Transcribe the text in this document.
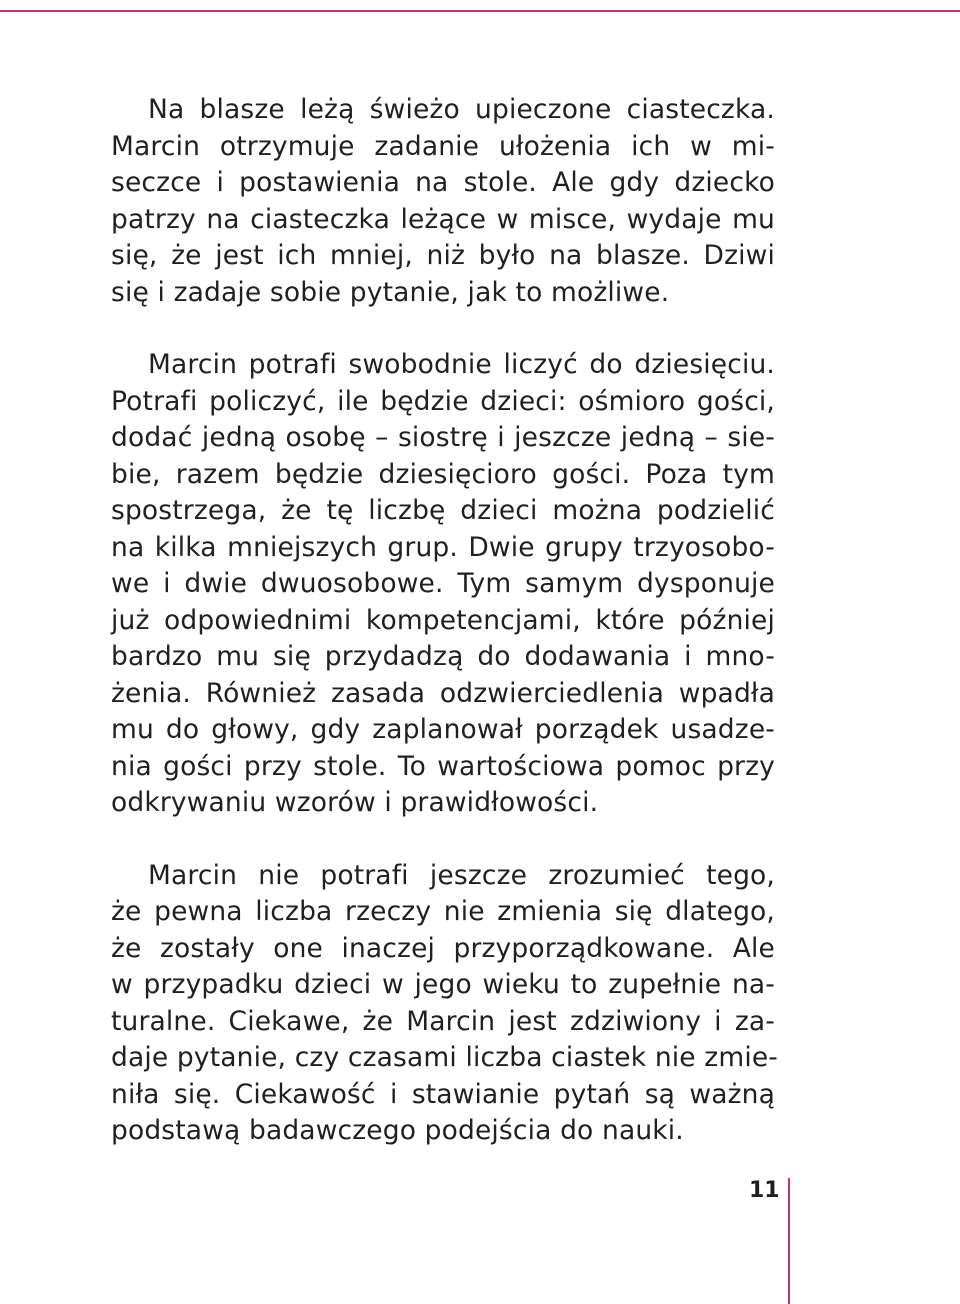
Na blasze leżą świeżo upieczone ciasteczka.
Marcin otrzymuje zadanie ułożenia ich w mi-
seczce i postawienia na stole. Ale gdy dziecko
patrzy na ciasteczka leżące w misce, wydaje mu
się, że jest ich mniej, niż było na blasze. Dziwi
się i zadaje sobie pytanie, jak to możliwe.
Marcin potrafi swobodnie liczyć do dziesięciu.
Potrafi policzyć, ile będzie dzieci: ośmioro gości,
dodać jedną osobę – siostrę i jeszcze jedną – sie-
bie, razem będzie dziesięcioro gości. Poza tym
spostrzega, że tę liczbę dzieci można podzielić
na kilka mniejszych grup. Dwie grupy trzyosobo-
we i dwie dwuosobowe. Tym samym dysponuje
już odpowiednimi kompetencjami, które później
bardzo mu się przydadzą do dodawania i mno-
żenia. Również zasada odzwierciedlenia wpadła
mu do głowy, gdy zaplanował porządek usadze-
nia gości przy stole. To wartościowa pomoc przy
odkrywaniu wzorów i prawidłowości.
Marcin nie potrafi jeszcze zrozumieć tego,
że pewna liczba rzeczy nie zmienia się dlatego,
że zostały one inaczej przyporządkowane. Ale
w przypadku dzieci w jego wieku to zupełnie na-
turalne. Ciekawe, że Marcin jest zdziwiony i za-
daje pytanie, czy czasami liczba ciastek nie zmie-
niła się. Ciekawość i stawianie pytań są ważną
podstawą badawczego podejścia do nauki.
11
